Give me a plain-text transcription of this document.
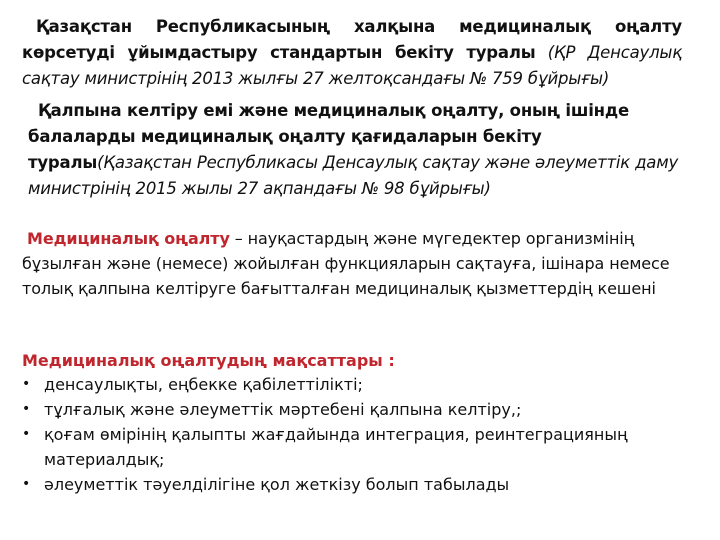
Қазақстан Республикасының халқына медициналық оңалту көрсетуді ұйымдастыру стандартын бекіту туралы (ҚР Денсаулық сақтау министрінің 2013 жылғы 27 желтоқсандағы № 759 бұйрығы)
Қалпына келтіру емі және медициналық оңалту, оның ішінде балаларды медициналық оңалту қағидаларын бекіту туралы(Қазақстан Республикасы Денсаулық сақтау және әлеуметтік даму министрінің 2015 жылы 27 ақпандағы № 98 бұйрығы)
Медициналық оңалту – науқастардың және мүгедектер организмінің бұзылған және (немесе) жойылған функцияларын сақтауға, ішінара немесе толық қалпына келтіруге бағытталған медициналық қызметтердің кешені
Медициналық оңалтудың мақсаттары :
• денсаулықты, еңбекке қабілеттілікті;
• тұлғалық және әлеуметтік мәртебені қалпына келтіру,;
• қоғам өмірінің қалыпты жағдайында интеграция, реинтеграцияның материалдық;
• әлеуметтік тәуелділігіне қол жеткізу болып табылады
